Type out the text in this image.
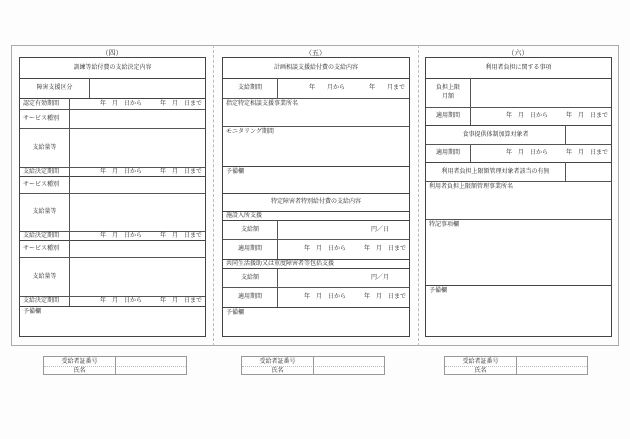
（四）	（五）	（六）
訓練等給付費の支給決定内容
障害支援区分
認定有効期間	年　月　日から　　　年　月　日まで
サービス種別
支給量等
支給決定期間	年　月　日から　　　年　月　日まで
サービス種別
支給量等
支給決定期間	年　月　日から　　　年　月　日まで
サービス種別
支給量等
支給決定期間	年　月　日から　　　年　月　日まで
予備欄
計画相談支援給付費の支給内容
支給期間	年　　月から　　　　年　　月まで
指定特定相談支援事業所名
モニタリング期間
予備欄
特定障害者特別給付費の支給内容
施設入所支援
支給額	円／日
適用期間	年　月　日から　　　年　月　日まで
共同生活援助又は重度障害者等包括支援
支給額	円／月
適用期間	年　月　日から　　　年　月　日まで
予備欄
利用者負担に関する事項
負担上限
月額
適用期間	年　月　日から　　　年　月　日まで
食事提供体制加算対象者
適用期間	年　月　日から　　　年　月　日まで
利用者負担上限額管理対象者該当の有無
利用者負担上限額管理事業所名
特記事項欄
予備欄
受給者証番号
氏名
受給者証番号
氏名
受給者証番号
氏名
